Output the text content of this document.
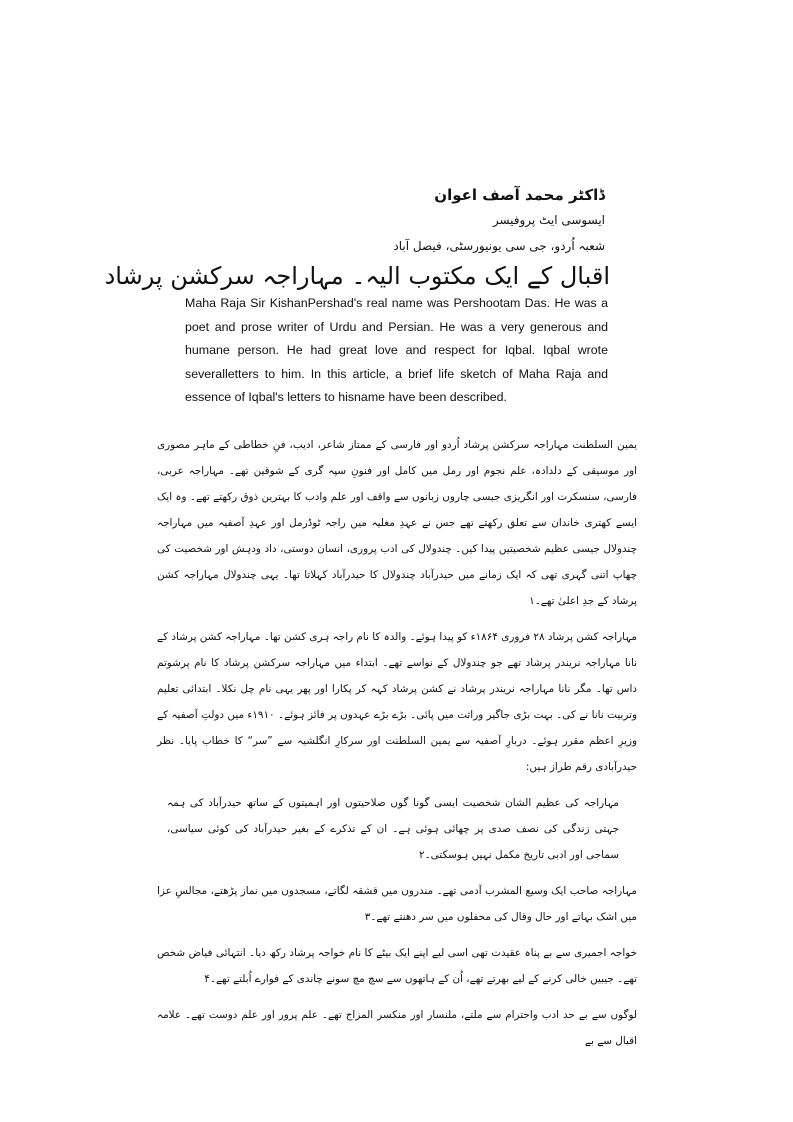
ڈاکٹر محمد آصف اعوان
ایسوسی ایٹ پروفیسر
شعبہ اُردو، جی سی یونیورسٹی، فیصل آباد
اقبال کے ایک مکتوب الیہ۔ مہاراجہ سرکشن پرشاد
Maha Raja Sir KishanPershad's real name was Pershootam Das. He was a poet and prose writer of Urdu and Persian. He was a very generous and humane person. He had great love and respect for Iqbal. Iqbal wrote severalletters to him. In this article, a brief life sketch of Maha Raja and essence of Iqbal's letters to hisname have been described.

یمین السلطنت مہاراجہ سرکشن پرشاد اُردو اور فارسی کے ممتاز شاعر، ادیب، فنِ خطاطی کے ماہر مصوری اور موسیقی کے دلدادہ، علم نجوم اور رمل میں کامل اور فنونِ سپہ گری کے شوقین تھے۔ مہاراجہ عربی، فارسی، سنسکرت اور انگریزی جیسی چاروں زبانوں سے واقف اور علم وادب کا بہترین ذوق رکھتے تھے۔ وہ ایک ایسے کھتری خاندان سے تعلق رکھتے تھے جس نے عہدِ مغلیہ میں راجہ ٹوڈرمل اور عہدِ آصفیہ میں مہاراجہ چندولال جیسی عظیم شخصیتیں پیدا کیں۔ چندولال کی ادب پروری، انسان دوستی، داد ودہش اور شخصیت کی چھاپ اتنی گہری تھی کہ ایک زمانے میں حیدرآباد چندولال کا حیدرآباد کہلاتا تھا۔ یہی چندولال مہاراجہ کشن پرشاد کے جدِ اعلیٰ تھے۔۱

مہاراجہ کشن پرشاد ۲۸ فروری ۱۸۶۴ء کو پیدا ہوئے۔ والدہ کا نام راجہ ہری کشن تھا۔ مہاراجہ کشن پرشاد کے نانا مہاراجہ نریندر پرشاد تھے جو چندولال کے نواسے تھے۔ ابتداء میں مہاراجہ سرکشن پرشاد کا نام پرشوتم داس تھا۔ مگر نانا مہاراجہ نریندر پرشاد نے کشن پرشاد کہہ کر پکارا اور پھر یہی نام چل نکلا۔ ابتدائی تعلیم وتربیت نانا نے کی۔ بہت بڑی جاگیر وراثت میں پائی۔ بڑے بڑے عہدوں پر فائز ہوئے۔ ۱۹۱۰ء میں دولتِ آصفیہ کے وزیرِ اعظم مقرر ہوئے۔ دربارِ آصفیہ سے یمین السلطنت اور سرکارِ انگلشیہ سے ”سر“ کا خطاب پایا۔ نظر حیدرآبادی رقم طراز ہیں:

مہاراجہ کی عظیم الشان شخصیت ایسی گونا گوں صلاحیتوں اور اہمیتوں کے ساتھ حیدرآباد کی ہمہ جہتی زندگی کی نصف صدی پر چھائی ہوئی ہے۔ ان کے تذکرے کے بغیر حیدرآباد کی کوئی سیاسی، سماجی اور ادبی تاریخ مکمل نہیں ہوسکتی۔۲

مہاراجہ صاحب ایک وسیع المشرب آدمی تھے۔ مندروں میں قشقہ لگاتے، مسجدوں میں نماز پڑھتے، مجالسِ عزا میں اشک بہاتے اور حال وقال کی محفلوں میں سر دھنتے تھے۔۳

خواجہ اجمیری سے بے پناہ عقیدت تھی اسی لیے اپنے ایک بیٹے کا نام خواجہ پرشاد رکھ دیا۔ انتہائی فیاض شخص تھے۔ جیبیں خالی کرنے کے لیے بھرتے تھے، اُن کے ہاتھوں سے سچ مچ سونے چاندی کے فوارے اُبلتے تھے۔۴

لوگوں سے بے حد ادب واحترام سے ملتے، ملنسار اور منکسر المزاج تھے۔ علم پرور اور علم دوست تھے۔ علامہ اقبال سے بے
